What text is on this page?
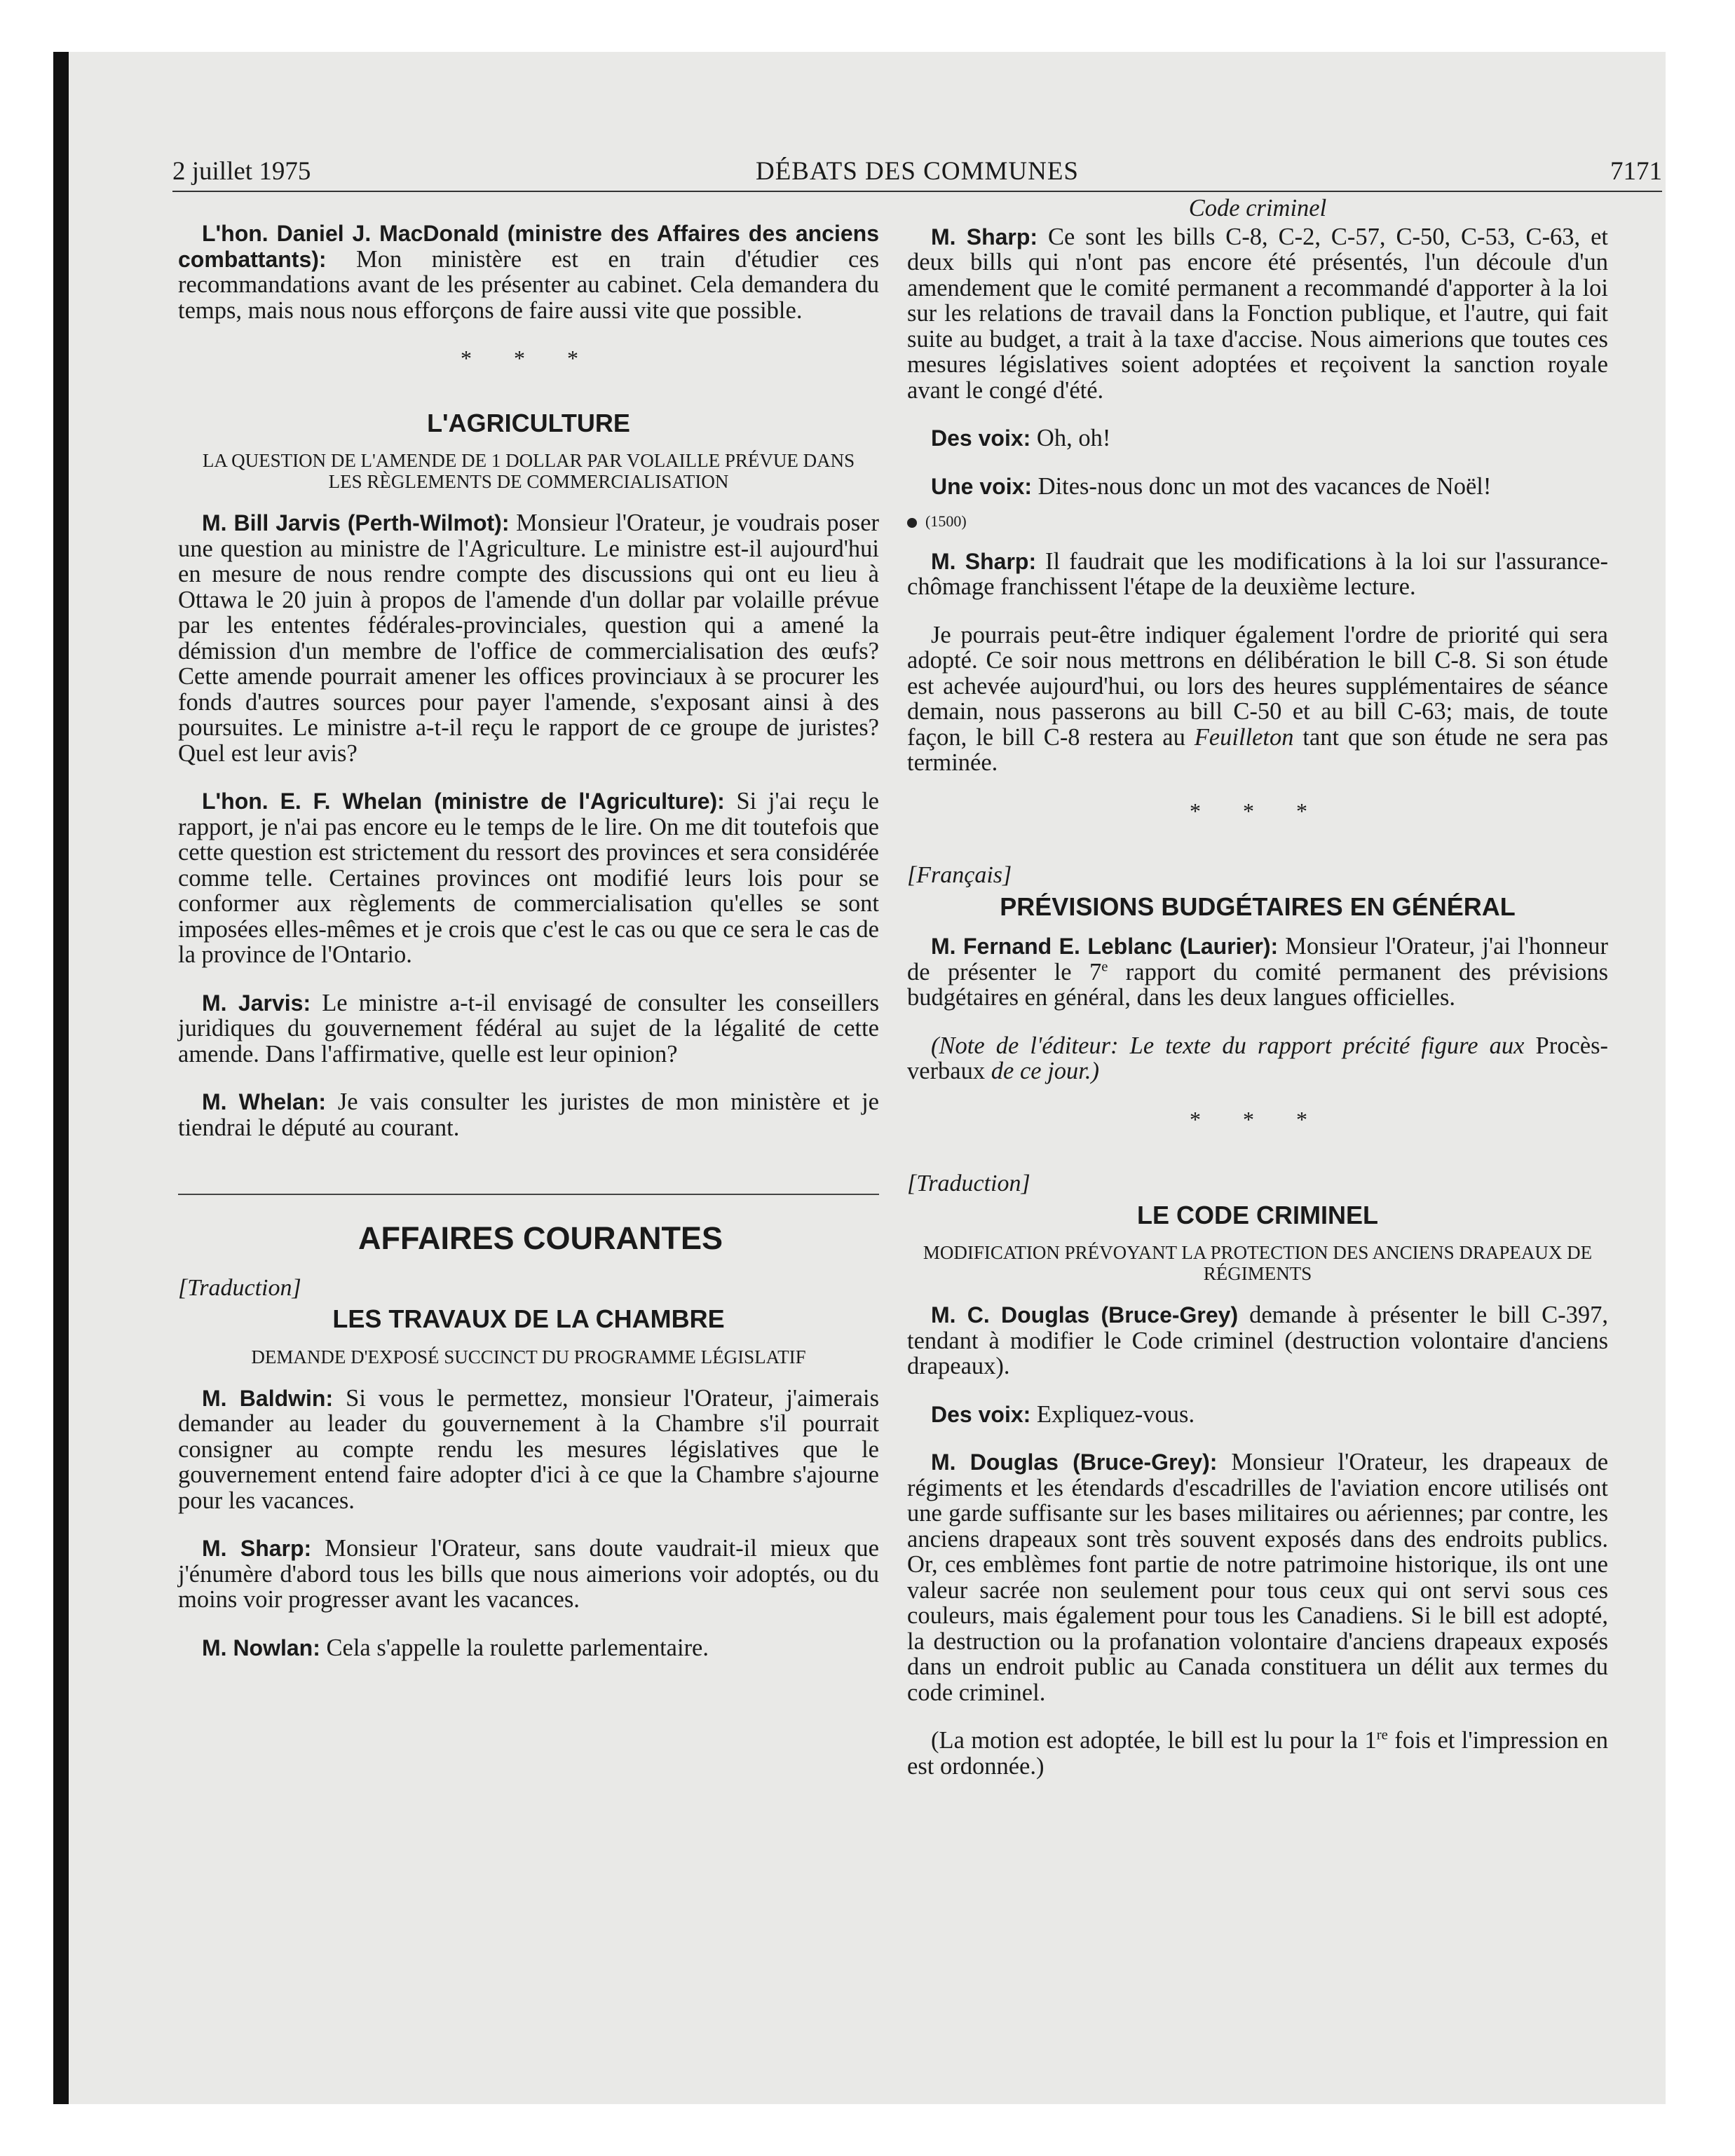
2 juillet 1975	DÉBATS DES COMMUNES	7171

L'hon. Daniel J. MacDonald (ministre des Affaires des anciens combattants): Mon ministère est en train d'étudier ces recommandations avant de les présenter au cabinet. Cela demandera du temps, mais nous nous efforçons de faire aussi vite que possible.

* * *

L'AGRICULTURE

LA QUESTION DE L'AMENDE DE 1 DOLLAR PAR VOLAILLE PRÉVUE DANS LES RÈGLEMENTS DE COMMERCIALISATION

M. Bill Jarvis (Perth-Wilmot): Monsieur l'Orateur, je voudrais poser une question au ministre de l'Agriculture. Le ministre est-il aujourd'hui en mesure de nous rendre compte des discussions qui ont eu lieu à Ottawa le 20 juin à propos de l'amende d'un dollar par volaille prévue par les ententes fédérales-provinciales, question qui a amené la démission d'un membre de l'office de commercialisation des œufs? Cette amende pourrait amener les offices provinciaux à se procurer les fonds d'autres sources pour payer l'amende, s'exposant ainsi à des poursuites. Le ministre a-t-il reçu le rapport de ce groupe de juristes? Quel est leur avis?

L'hon. E. F. Whelan (ministre de l'Agriculture): Si j'ai reçu le rapport, je n'ai pas encore eu le temps de le lire. On me dit toutefois que cette question est strictement du ressort des provinces et sera considérée comme telle. Certaines provinces ont modifié leurs lois pour se conformer aux règlements de commercialisation qu'elles se sont imposées elles-mêmes et je crois que c'est le cas ou que ce sera le cas de la province de l'Ontario.

M. Jarvis: Le ministre a-t-il envisagé de consulter les conseillers juridiques du gouvernement fédéral au sujet de la légalité de cette amende. Dans l'affirmative, quelle est leur opinion?

M. Whelan: Je vais consulter les juristes de mon ministère et je tiendrai le député au courant.

AFFAIRES COURANTES

[Traduction]

LES TRAVAUX DE LA CHAMBRE

DEMANDE D'EXPOSÉ SUCCINCT DU PROGRAMME LÉGISLATIF

M. Baldwin: Si vous le permettez, monsieur l'Orateur, j'aimerais demander au leader du gouvernement à la Chambre s'il pourrait consigner au compte rendu les mesures législatives que le gouvernement entend faire adopter d'ici à ce que la Chambre s'ajourne pour les vacances.

M. Sharp: Monsieur l'Orateur, sans doute vaudrait-il mieux que j'énumère d'abord tous les bills que nous aimerions voir adoptés, ou du moins voir progresser avant les vacances.

M. Nowlan: Cela s'appelle la roulette parlementaire.

Code criminel

M. Sharp: Ce sont les bills C-8, C-2, C-57, C-50, C-53, C-63, et deux bills qui n'ont pas encore été présentés, l'un découle d'un amendement que le comité permanent a recommandé d'apporter à la loi sur les relations de travail dans la Fonction publique, et l'autre, qui fait suite au budget, a trait à la taxe d'accise. Nous aimerions que toutes ces mesures législatives soient adoptées et reçoivent la sanction royale avant le congé d'été.

Des voix: Oh, oh!

Une voix: Dites-nous donc un mot des vacances de Noël!

(1500)

M. Sharp: Il faudrait que les modifications à la loi sur l'assurance-chômage franchissent l'étape de la deuxième lecture.

Je pourrais peut-être indiquer également l'ordre de priorité qui sera adopté. Ce soir nous mettrons en délibération le bill C-8. Si son étude est achevée aujourd'hui, ou lors des heures supplémentaires de séance demain, nous passerons au bill C-50 et au bill C-63; mais, de toute façon, le bill C-8 restera au Feuilleton tant que son étude ne sera pas terminée.

* * *

[Français]

PRÉVISIONS BUDGÉTAIRES EN GÉNÉRAL

M. Fernand E. Leblanc (Laurier): Monsieur l'Orateur, j'ai l'honneur de présenter le 7e rapport du comité permanent des prévisions budgétaires en général, dans les deux langues officielles.

(Note de l'éditeur: Le texte du rapport précité figure aux Procès-verbaux de ce jour.)

* * *

[Traduction]

LE CODE CRIMINEL

MODIFICATION PRÉVOYANT LA PROTECTION DES ANCIENS DRAPEAUX DE RÉGIMENTS

M. C. Douglas (Bruce-Grey) demande à présenter le bill C-397, tendant à modifier le Code criminel (destruction volontaire d'anciens drapeaux).

Des voix: Expliquez-vous.

M. Douglas (Bruce-Grey): Monsieur l'Orateur, les drapeaux de régiments et les étendards d'escadrilles de l'aviation encore utilisés ont une garde suffisante sur les bases militaires ou aériennes; par contre, les anciens drapeaux sont très souvent exposés dans des endroits publics. Or, ces emblèmes font partie de notre patrimoine historique, ils ont une valeur sacrée non seulement pour tous ceux qui ont servi sous ces couleurs, mais également pour tous les Canadiens. Si le bill est adopté, la destruction ou la profanation volontaire d'anciens drapeaux exposés dans un endroit public au Canada constituera un délit aux termes du code criminel.

(La motion est adoptée, le bill est lu pour la 1re fois et l'impression en est ordonnée.)
